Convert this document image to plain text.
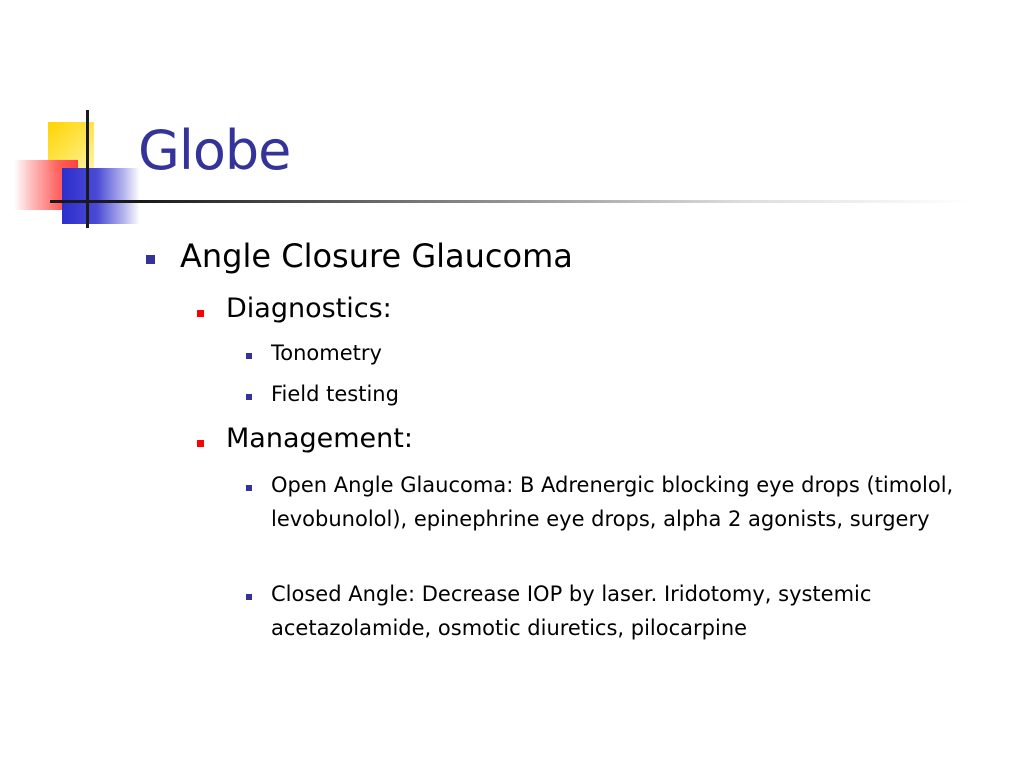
Globe
Angle Closure Glaucoma
Diagnostics:
Tonometry
Field testing
Management:
Open Angle Glaucoma: B Adrenergic blocking eye drops (timolol, levobunolol), epinephrine eye drops, alpha 2 agonists, surgery
Closed Angle: Decrease IOP by laser. Iridotomy, systemic acetazolamide, osmotic diuretics, pilocarpine
